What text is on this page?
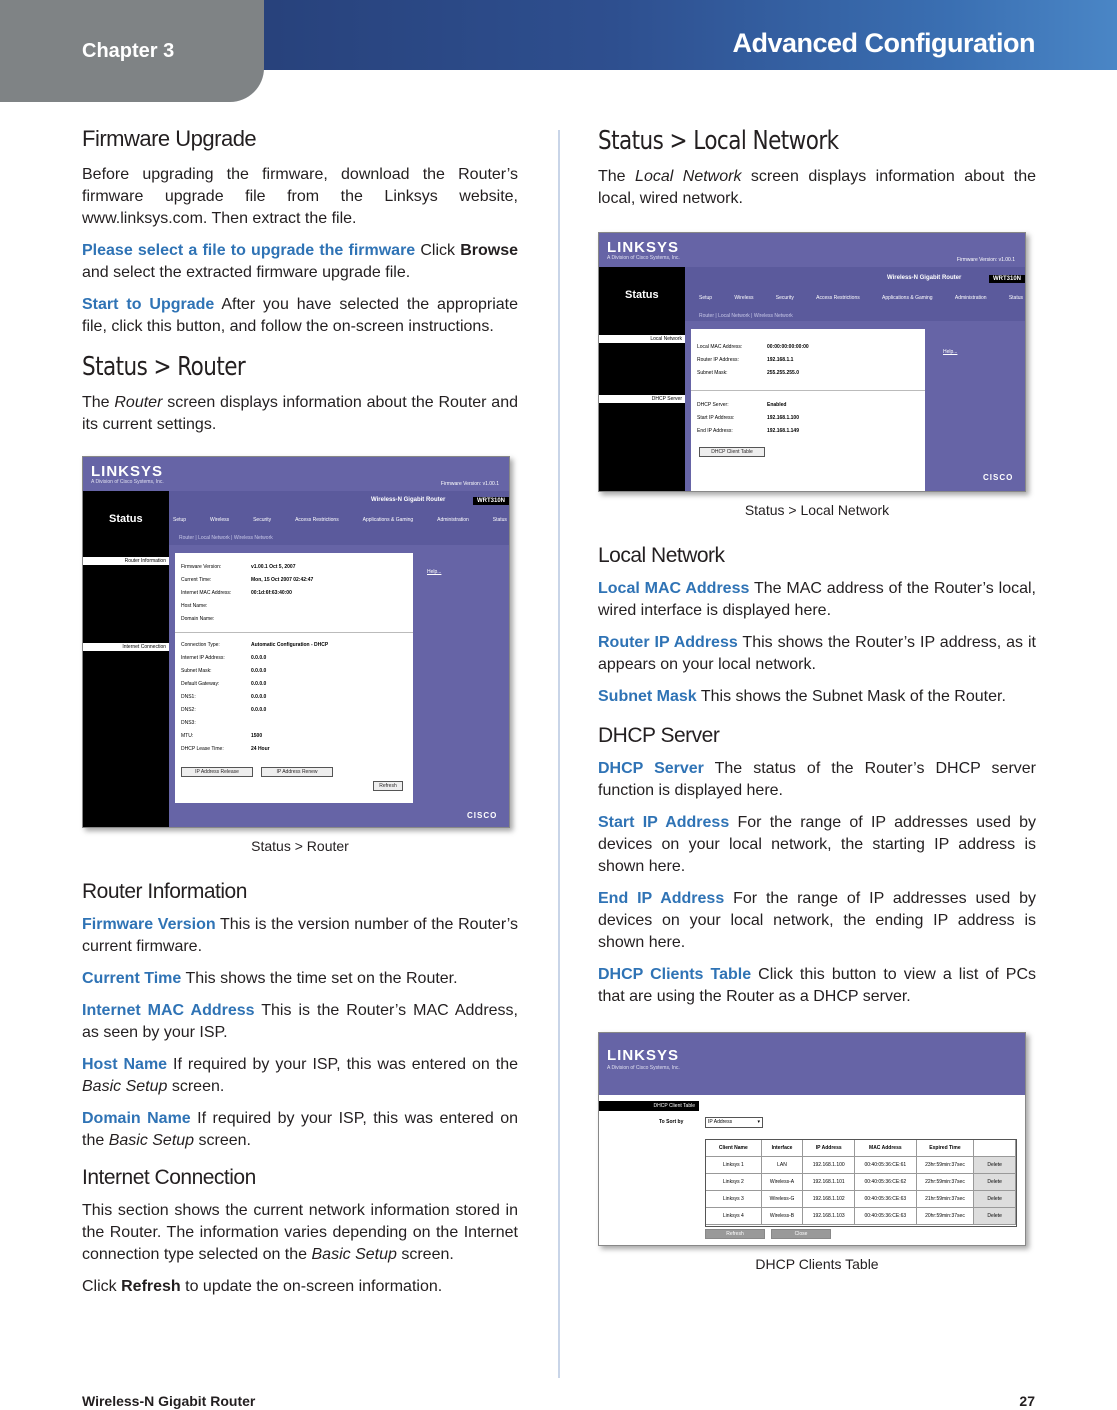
Chapter 3	Advanced Configuration
Firmware Upgrade

Before upgrading the firmware, download the Router’s firmware upgrade file from the Linksys website, www.linksys.com. Then extract the file.

Please select a file to upgrade the firmware Click Browse and select the extracted firmware upgrade file.

Start to Upgrade After you have selected the appropriate file, click this button, and follow the on-screen instructions.

Status > Router

The Router screen displays information about the Router and its current settings.

LINKSYS
A Division of Cisco Systems, Inc.	Firmware Version: v1.00.1
Wireless-N Gigabit Router	WRT310N
Status	Setup	Wireless	Security	Access Restrictions	Applications & Gaming	Administration	Status
Router | Local Network | Wireless Network
Router Information
Internet Connection
Firmware Version:	v1.00.1 Oct 5, 2007
Current Time:	Mon, 15 Oct 2007 02:42:47
Internet MAC Address:	00:1d:6f:63:40:00
Host Name:
Domain Name:
Connection Type:	Automatic Configuration - DHCP
Internet IP Address:	0.0.0.0
Subnet Mask:	0.0.0.0
Default Gateway:	0.0.0.0
DNS1:	0.0.0.0
DNS2:	0.0.0.0
DNS3:
MTU:	1500
DHCP Lease Time:	24 Hour
IP Address Release	IP Address Renew
Refresh
Help...
CISCO
Status > Router
Router Information

Firmware Version This is the version number of the Router’s current firmware.

Current Time This shows the time set on the Router.

Internet MAC Address This is the Router’s MAC Address, as seen by your ISP.

Host Name If required by your ISP, this was entered on the Basic Setup screen.

Domain Name If required by your ISP, this was entered on the Basic Setup screen.

Internet Connection

This section shows the current network information stored in the Router. The information varies depending on the Internet connection type selected on the Basic Setup screen.

Click Refresh to update the on-screen information.

Status > Local Network

The Local Network screen displays information about the local, wired network.

LINKSYS
A Division of Cisco Systems, Inc.	Firmware Version: v1.00.1
Wireless-N Gigabit Router	WRT310N
Status	Setup	Wireless	Security	Access Restrictions	Applications & Gaming	Administration	Status
Router | Local Network | Wireless Network
Local Network
DHCP Server
Local MAC Address:	00:00:00:00:00:00
Router IP Address:	192.168.1.1
Subnet Mask:	255.255.255.0
DHCP Server:	Enabled
Start IP Address:	192.168.1.100
End IP Address:	192.168.1.149
DHCP Client Table
Help...
CISCO
Status > Local Network
Local Network

Local MAC Address The MAC address of the Router’s local, wired interface is displayed here.

Router IP Address This shows the Router’s IP address, as it appears on your local network.

Subnet Mask This shows the Subnet Mask of the Router.

DHCP Server

DHCP Server The status of the Router’s DHCP server function is displayed here.

Start IP Address For the range of IP addresses used by devices on your local network, the starting IP address is shown here.

End IP Address For the range of IP addresses used by devices on your local network, the ending IP address is shown here.

DHCP Clients Table Click this button to view a list of PCs that are using the Router as a DHCP server.

LINKSYS
A Division of Cisco Systems, Inc.
DHCP Client Table
To Sort by	IP Address	▾
Client Name	Interface	IP Address	MAC Address	Expired Time
Linksys 1	LAN	192.168.1.100	00:40:05:36:CE:61	23hr:59min:37sec	Delete
Linksys 2	Wireless-A	192.168.1.101	00:40:05:36:CE:62	22hr:59min:37sec	Delete
Linksys 3	Wireless-G	192.168.1.102	00:40:05:36:CE:63	21hr:59min:37sec	Delete
Linksys 4	Wireless-B	192.168.1.103	00:40:05:36:CE:63	20hr:59min:37sec	Delete
Refresh	Close
DHCP Clients Table
Wireless-N Gigabit Router	27
